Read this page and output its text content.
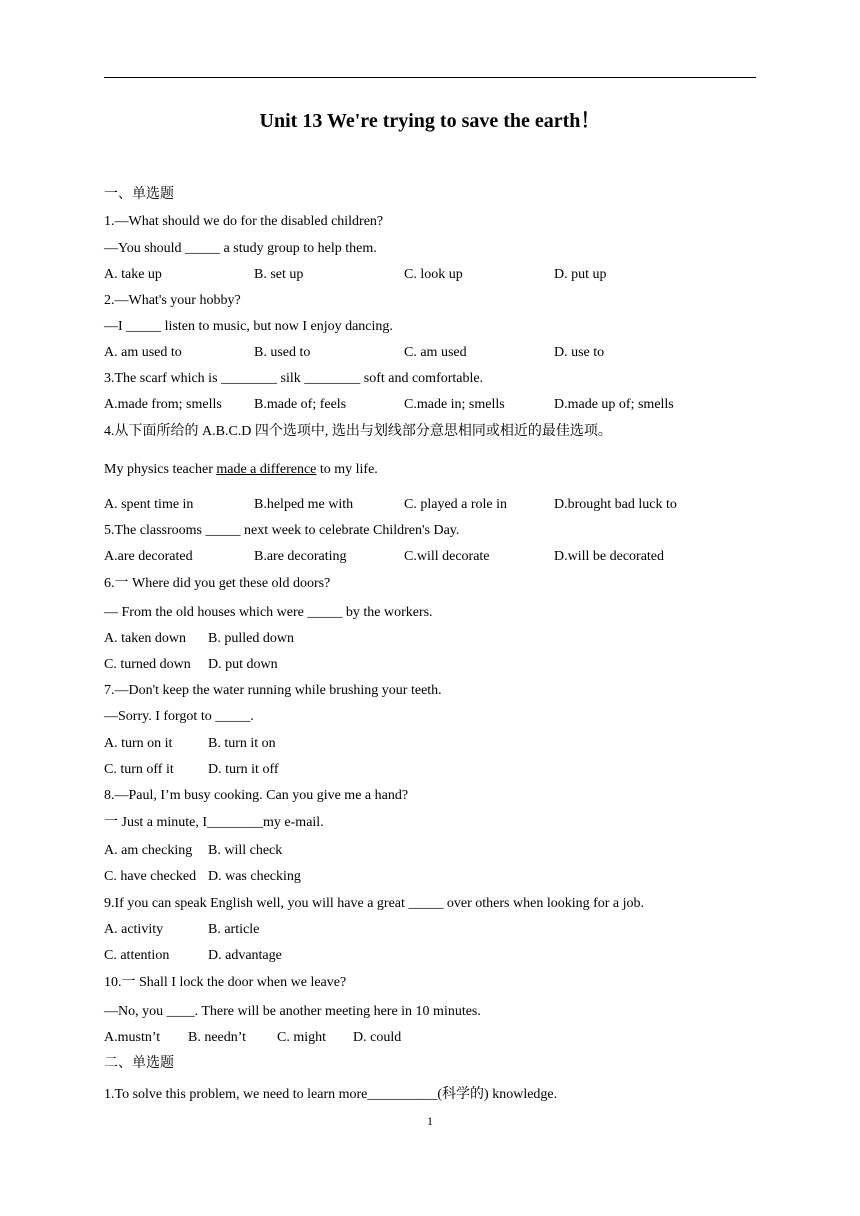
Unit 13 We're trying to save the earth！
一、单选题
1.—What should we do for the disabled children?
—You should _____ a study group to help them.
A. take up	B. set up	C. look up	D. put up
2.—What's your hobby?
—I _____ listen to music, but now I enjoy dancing.
A. am used to	B. used to	C. am used	D. use to
3.The scarf which is ________ silk ________ soft and comfortable.
A.made from; smells B.made of; feels	C.made in; smells	D.made up of; smells
4.从下面所给的 A.B.C.D 四个选项中, 选出与划线部分意思相同或相近的最佳选项。
My physics teacher made a difference to my life.
A. spent time in	B.helped me with	C. played a role in	D.brought bad luck to
5.The classrooms _____ next week to celebrate Children's Day.
A.are decorated	B.are decorating	C.will decorate	D.will be decorated
6.一 Where did you get these old doors?
— From the old houses which were _____ by the workers.
A. taken down B. pulled down
C. turned down D. put down
7.—Don't keep the water running while brushing your teeth.
—Sorry. I forgot to _____.
A. turn on it	B. turn it on
C. turn off it D. turn it off
8.—Paul, I’m busy cooking. Can you give me a hand?
一 Just a minute, I________my e-mail.
A. am checking B. will check
C. have checked D. was checking
9.If you can speak English well, you will have a great _____ over others when looking for a job.
A. activity	B. article
C. attention	D. advantage
10.一 Shall I lock the door when we leave?
—No, you ____. There will be another meeting here in 10 minutes.
A.mustn’t B. needn’t C. might D. could
二、单选题
1.To solve this problem, we need to learn more__________(科学的) knowledge.
1
